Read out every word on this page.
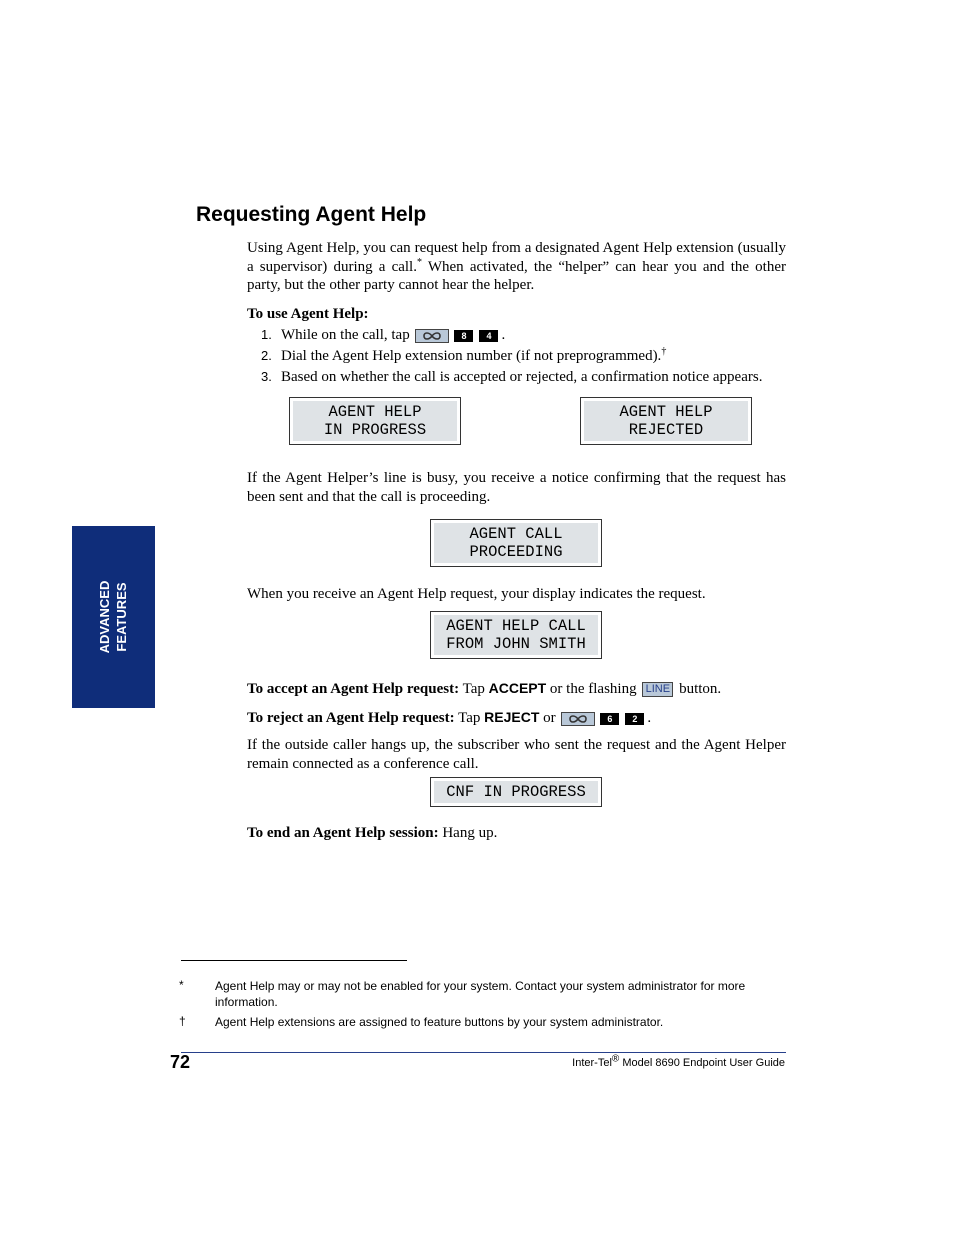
Requesting Agent Help

Using Agent Help, you can request help from a designated Agent Help extension (usually a supervisor) during a call.* When activated, the “helper” can hear you and the other party, but the other party cannot hear the helper.

To use Agent Help:

1. While on the call, tap	8 4 .

2. Dial the Agent Help extension number (if not preprogrammed).†

3. Based on whether the call is accepted or rejected, a confirmation notice appears.

AGENT HELP
IN PROGRESS
AGENT HELP
REJECTED

If the Agent Helper’s line is busy, you receive a notice confirming that the request has been sent and that the call is proceeding.

AGENT CALL
PROCEEDING

When you receive an Agent Help request, your display indicates the request.

AGENT HELP CALL
FROM JOHN SMITH

To accept an Agent Help request: Tap ACCEPT or the flashing LINE button.

To reject an Agent Help request: Tap REJECT or	6 2 .

If the outside caller hangs up, the subscriber who sent the request and the Agent Helper remain connected as a conference call.

CNF IN PROGRESS

To end an Agent Help session: Hang up.

ADVANCED FEATURES
*	Agent Help may or may not be enabled for your system. Contact your system administrator for more information.

† Agent Help extensions are assigned to feature buttons by your system administrator.

72	Inter-Tel® Model 8690 Endpoint User Guide
